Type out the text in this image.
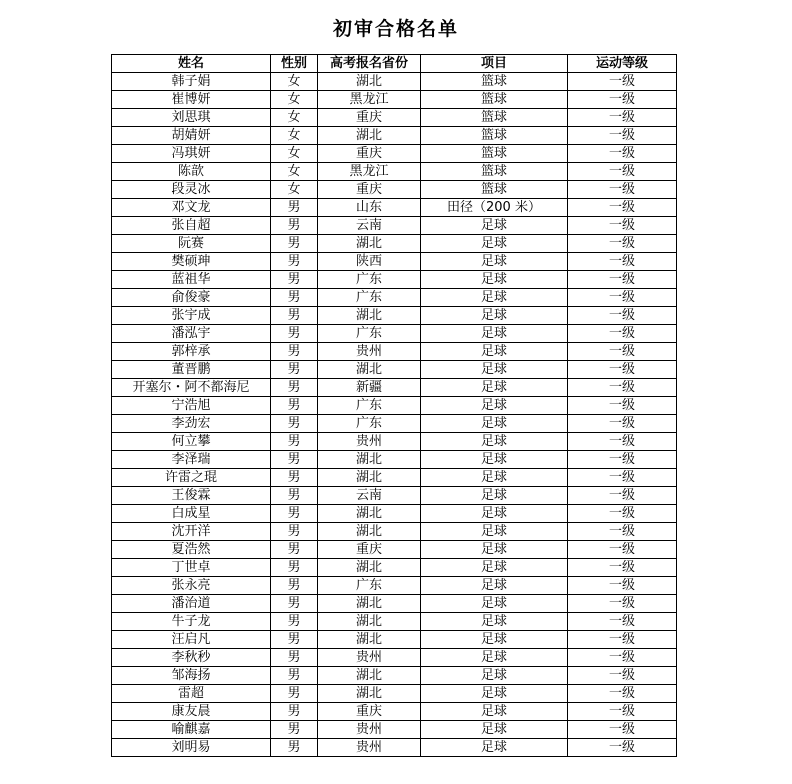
初审合格名单
姓名	性别	高考报名省份	项目	运动等级
韩子娟	女	湖北	篮球	一级
崔博妍	女	黑龙江	篮球	一级
刘思琪	女	重庆	篮球	一级
胡婧妍	女	湖北	篮球	一级
冯琪妍	女	重庆	篮球	一级
陈歆	女	黑龙江	篮球	一级
段灵冰	女	重庆	篮球	一级
邓文龙	男	山东	田径（200 米）	一级
张自超	男	云南	足球	一级
阮赛	男	湖北	足球	一级
樊硕珅	男	陕西	足球	一级
蓝祖华	男	广东	足球	一级
俞俊豪	男	广东	足球	一级
张宇成	男	湖北	足球	一级
潘泓宇	男	广东	足球	一级
郭梓承	男	贵州	足球	一级
董晋鹏	男	湖北	足球	一级
开塞尔・阿不都海尼	男	新疆	足球	一级
宁浩旭	男	广东	足球	一级
李劲宏	男	广东	足球	一级
何立攀	男	贵州	足球	一级
李泽瑞	男	湖北	足球	一级
许雷之琨	男	湖北	足球	一级
王俊霖	男	云南	足球	一级
白成星	男	湖北	足球	一级
沈开洋	男	湖北	足球	一级
夏浩然	男	重庆	足球	一级
丁世卓	男	湖北	足球	一级
张永亮	男	广东	足球	一级
潘治道	男	湖北	足球	一级
牛子龙	男	湖北	足球	一级
汪启凡	男	湖北	足球	一级
李秋秒	男	贵州	足球	一级
邹海扬	男	湖北	足球	一级
雷超	男	湖北	足球	一级
康友晨	男	重庆	足球	一级
喻麒嘉	男	贵州	足球	一级
刘明易	男	贵州	足球	一级
